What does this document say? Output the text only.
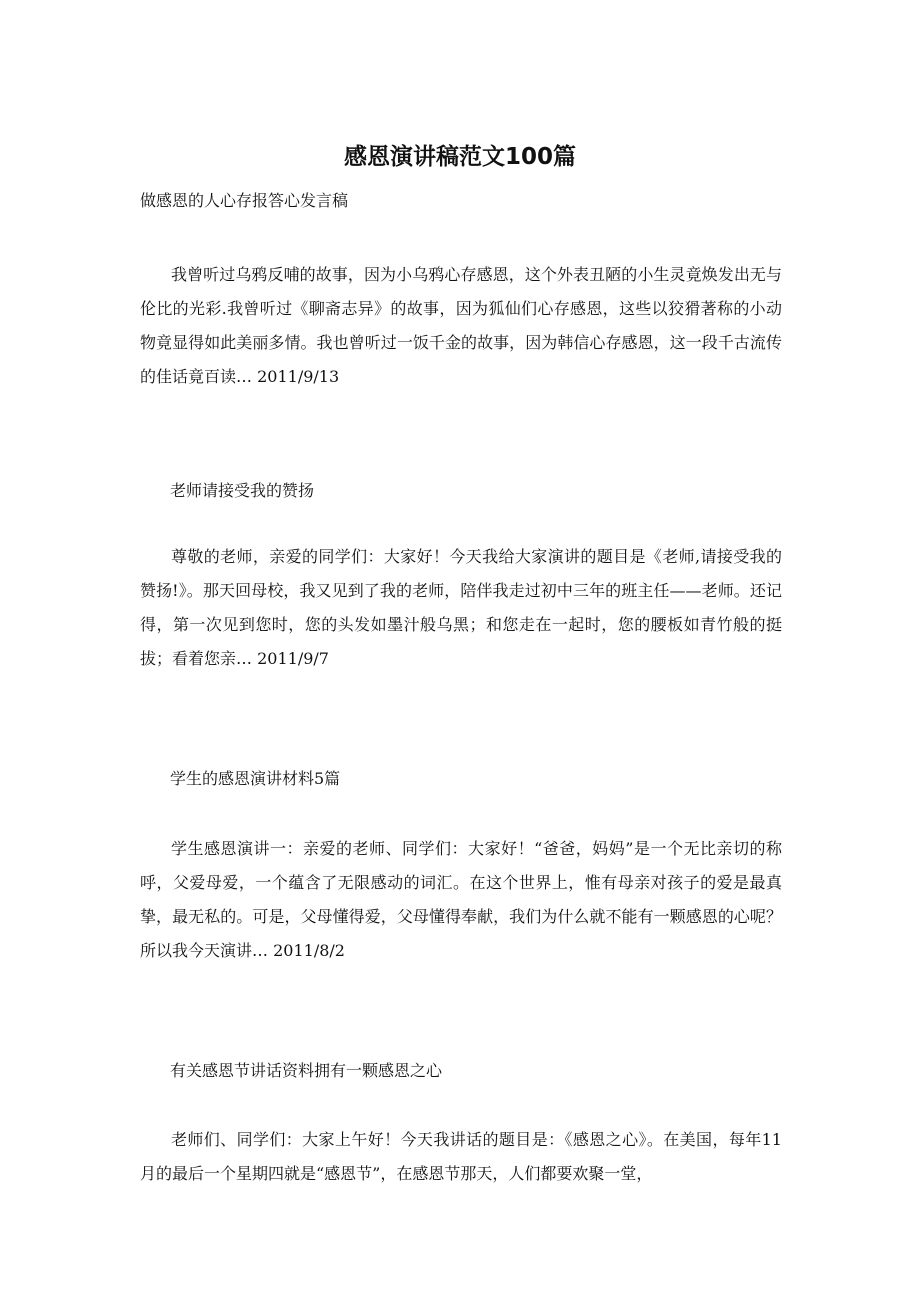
感恩演讲稿范文100篇

做感恩的人心存报答心发言稿

我曾听过乌鸦反哺的故事，因为小乌鸦心存感恩，这个外表丑陋的小生灵竟焕发出无与伦比的光彩.我曾听过《聊斋志异》的故事，因为狐仙们心存感恩，这些以狡猾著称的小动物竟显得如此美丽多情。我也曾听过一饭千金的故事，因为韩信心存感恩，这一段千古流传的佳话竟百读… 2011/9/13

老师请接受我的赞扬

尊敬的老师，亲爱的同学们：大家好！今天我给大家演讲的题目是《老师,请接受我的赞扬!》。那天回母校，我又见到了我的老师，陪伴我走过初中三年的班主任——老师。还记得，第一次见到您时，您的头发如墨汁般乌黑；和您走在一起时，您的腰板如青竹般的挺拔；看着您亲… 2011/9/7

学生的感恩演讲材料5篇

学生感恩演讲一：亲爱的老师、同学们：大家好！“爸爸，妈妈”是一个无比亲切的称呼，父爱母爱，一个蕴含了无限感动的词汇。在这个世界上，惟有母亲对孩子的爱是最真挚，最无私的。可是，父母懂得爱，父母懂得奉献，我们为什么就不能有一颗感恩的心呢？所以我今天演讲… 2011/8/2

有关感恩节讲话资料拥有一颗感恩之心

老师们、同学们：大家上午好！今天我讲话的题目是：《感恩之心》。在美国，每年11月的最后一个星期四就是“感恩节”，在感恩节那天，人们都要欢聚一堂，
